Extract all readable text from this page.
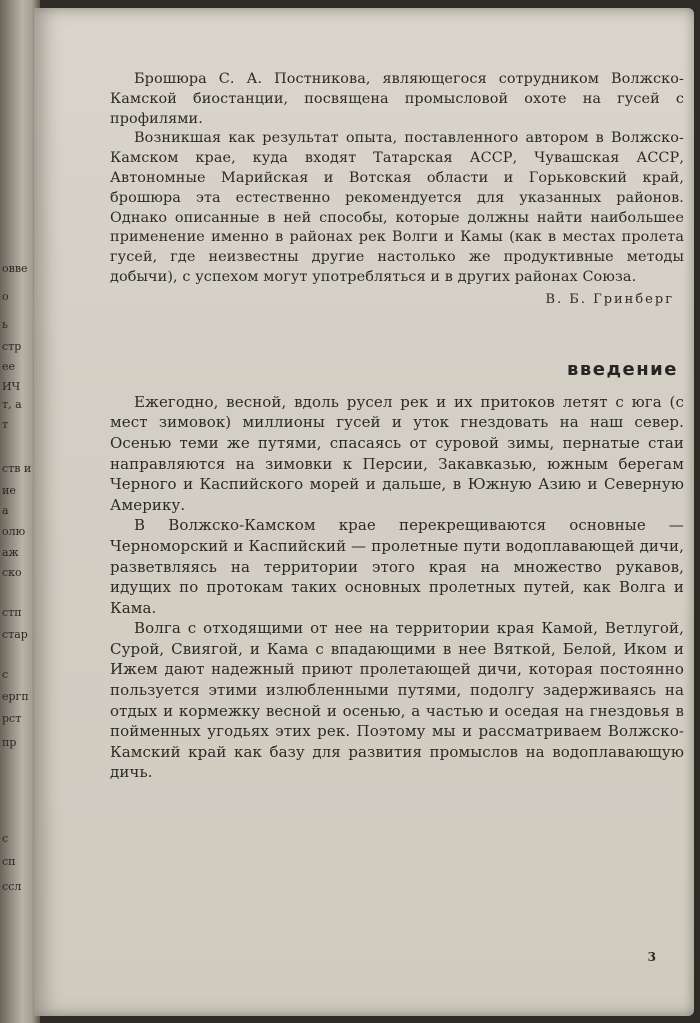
овве
о
ь
стр
ее
ИЧ
т, а
т
ств и
ие
а
олю
аж
ско
стп
стар
с
ергп
рст
пр
с
сп
ссл

Брошюра С. А. Постникова, являющегося сотрудником Волжско-Камской биостанции, посвящена промысловой охоте на гусей с профилями.

Возникшая как результат опыта, поставленного автором в Волжско-Камском крае, куда входят Татарская АССР, Чувашская АССР, Автономные Марийская и Вотская области и Горьковский край, брошюра эта естественно рекомендуется для указанных районов. Однако описанные в ней способы, которые должны найти наибольшее применение именно в районах рек Волги и Камы (как в местах пролета гусей, где неизвестны другие настолько же продуктивные методы добычи), с успехом могут употребляться и в других районах Союза.

В. Б. Гринберг
введение

Ежегодно, весной, вдоль русел рек и их притоков летят с юга (с мест зимовок) миллионы гусей и уток гнездовать на наш север. Осенью теми же путями, спасаясь от суровой зимы, пернатые стаи направляются на зимовки к Персии, Закавказью, южным берегам Черного и Каспийского морей и дальше, в Южную Азию и Северную Америку.

В Волжско-Камском крае перекрещиваются основные — Черноморский и Каспийский — пролетные пути водоплавающей дичи, разветвляясь на территории этого края на множество рукавов, идущих по протокам таких основных пролетных путей, как Волга и Кама.

Волга с отходящими от нее на территории края Камой, Ветлугой, Сурой, Свиягой, и Кама с впадающими в нее Вяткой, Белой, Иком и Ижем дают надежный приют пролетающей дичи, которая постоянно пользуется этими излюбленными путями, подолгу задерживаясь на отдых и кормежку весной и осенью, а частью и оседая на гнездовья в пойменных угодьях этих рек. Поэтому мы и рассматриваем Волжско-Камский край как базу для развития промыслов на водоплавающую дичь.

3
